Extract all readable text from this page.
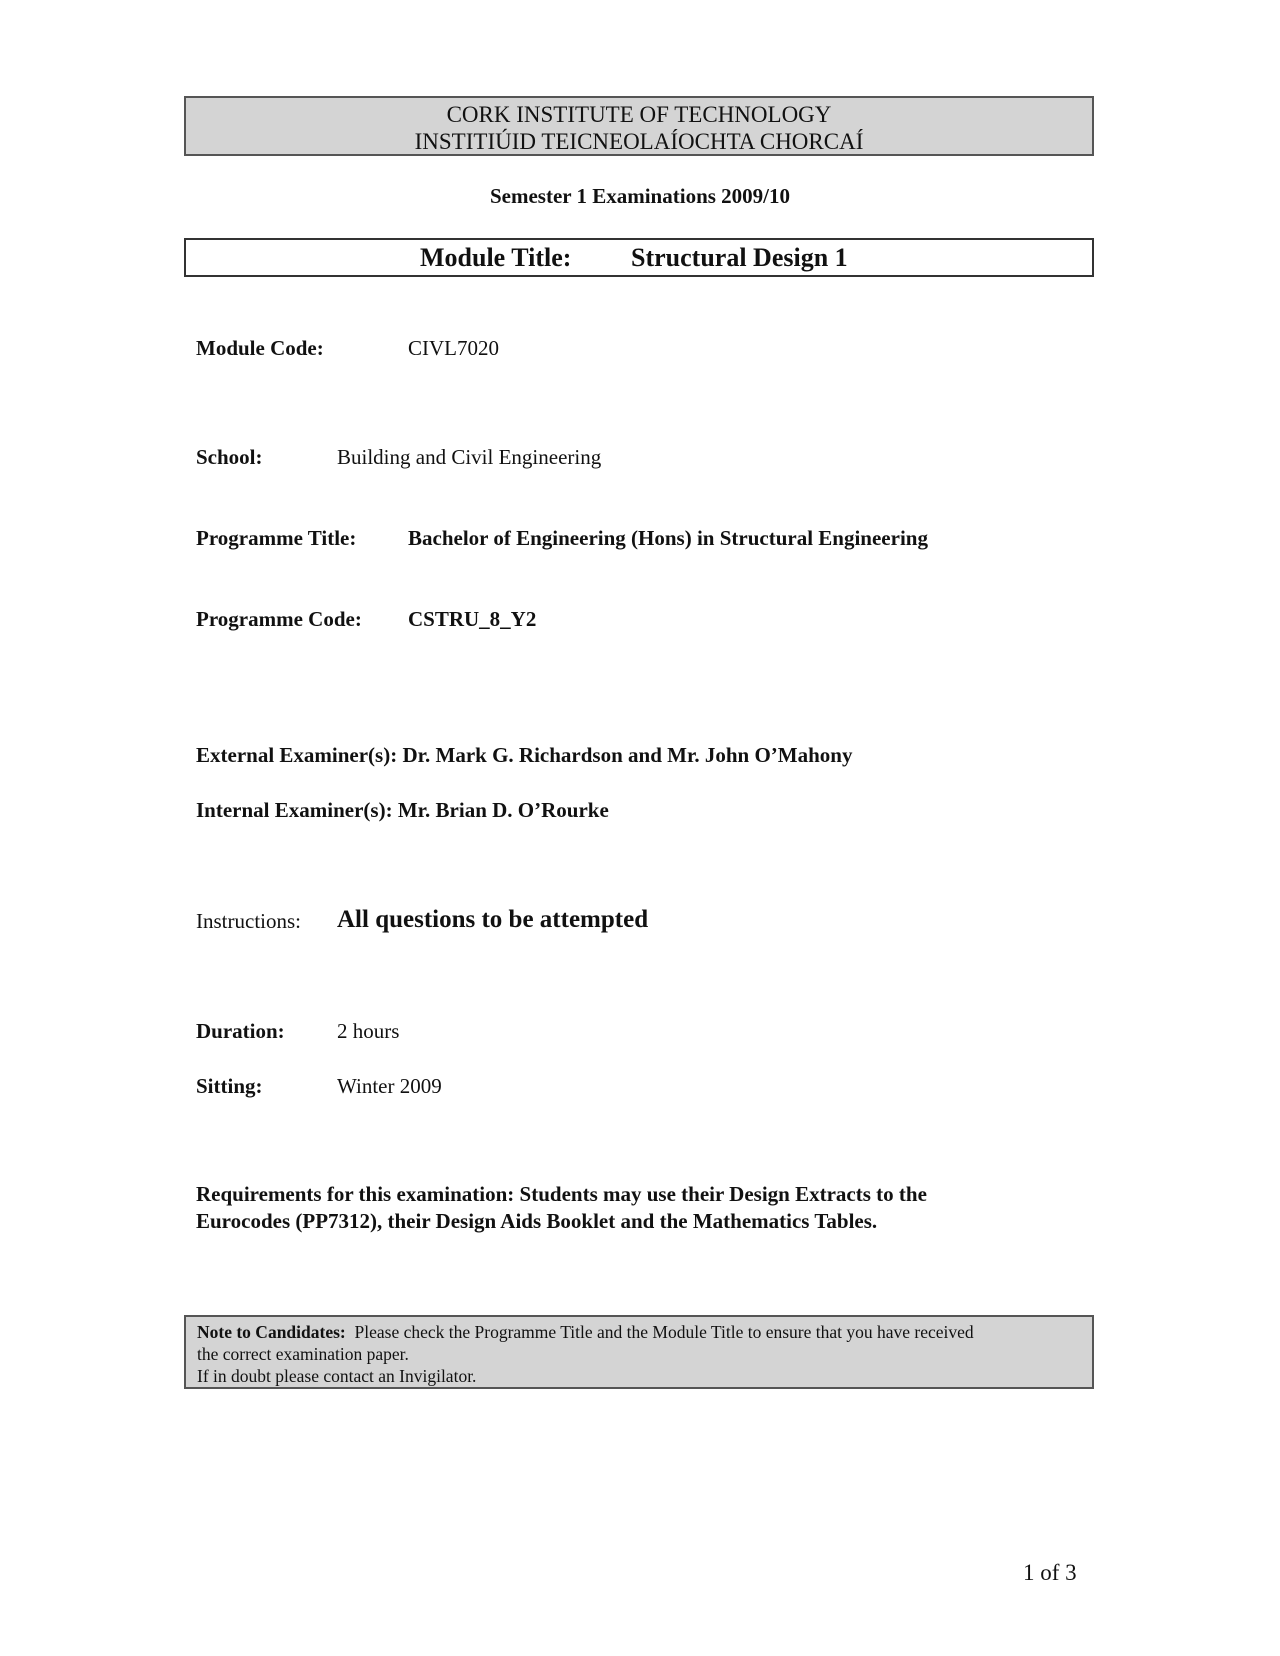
CORK INSTITUTE OF TECHNOLOGY
INSTITIÚID TEICNEOLAÍOCHTA CHORCAÍ
Semester 1 Examinations 2009/10
Module Title: Structural Design 1
Module Code:	CIVL7020
School:	Building and Civil Engineering
Programme Title: Bachelor of Engineering (Hons) in Structural Engineering
Programme Code: CSTRU_8_Y2
External Examiner(s): Dr. Mark G. Richardson and Mr. John O’Mahony
Internal Examiner(s): Mr. Brian D. O’Rourke
Instructions: All questions to be attempted
Duration: 2 hours
Sitting:	Winter 2009
Requirements for this examination: Students may use their Design Extracts to the
Eurocodes (PP7312), their Design Aids Booklet and the Mathematics Tables.
Note to Candidates: Please check the Programme Title and the Module Title to ensure that you have received
the correct examination paper.
If in doubt please contact an Invigilator.
1 of 3
